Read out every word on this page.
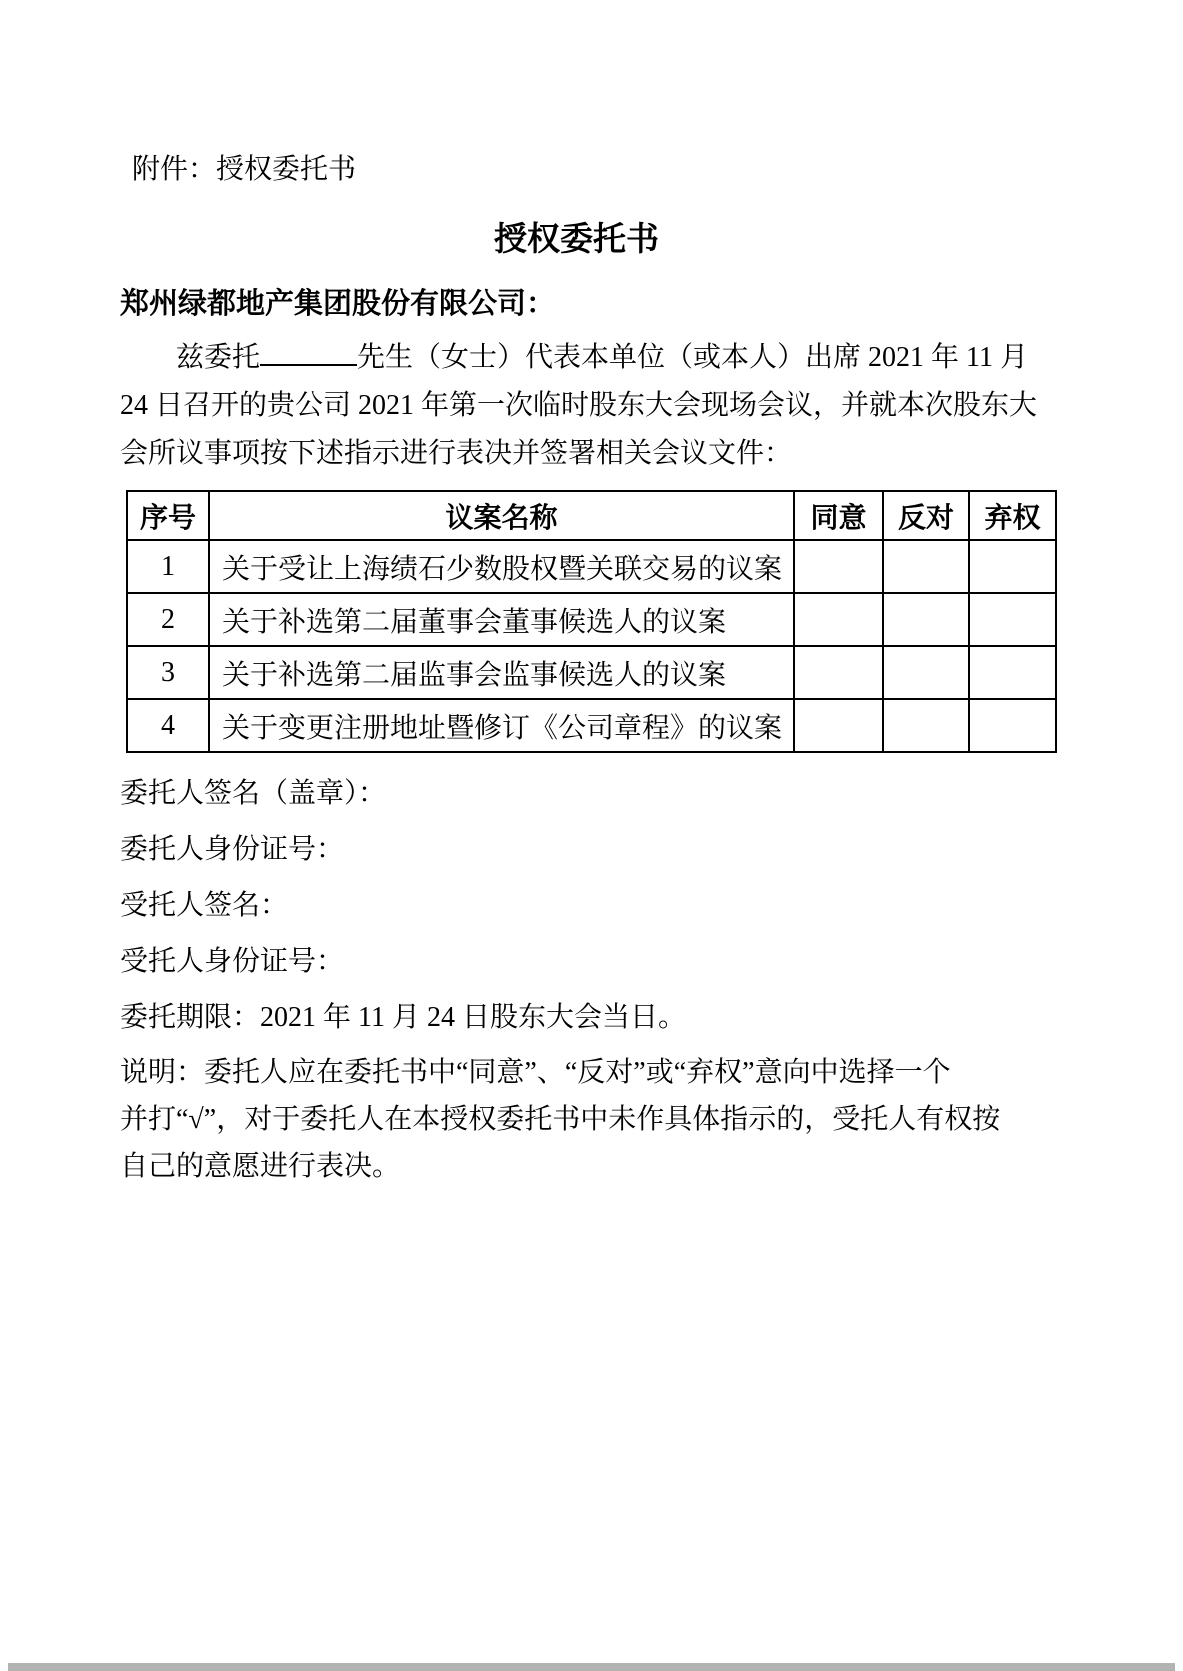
附件：授权委托书

授权委托书

郑州绿都地产集团股份有限公司：

兹委托	先生（女士）代表本单位（或本人）出席 2021 年 11 月
24 日召开的贵公司 2021 年第一次临时股东大会现场会议，并就本次股东大
会所议事项按下述指示进行表决并签署相关会议文件：
序号	议案名称	同意	反对	弃权
1	关于受让上海绩石少数股权暨关联交易的议案			
2	关于补选第二届董事会董事候选人的议案			
3	关于补选第二届监事会监事候选人的议案			
4	关于变更注册地址暨修订《公司章程》的议案			

委托人签名（盖章）：

委托人身份证号：

受托人签名：

受托人身份证号：

委托期限：2021 年 11 月 24 日股东大会当日。

说明：委托人应在委托书中“同意”、“反对”或“弃权”意向中选择一个
并打“√”，对于委托人在本授权委托书中未作具体指示的，受托人有权按
自己的意愿进行表决。
